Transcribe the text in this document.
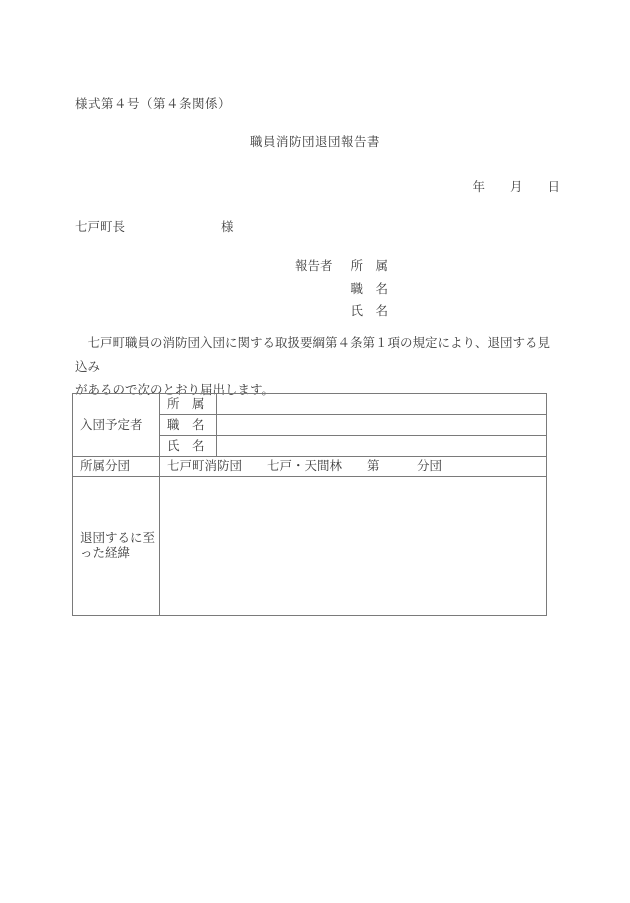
様式第４号（第４条関係）
職員消防団退団報告書
年　　月　　日
七戸町長	様
報告者 所　属
職　名
氏　名
　七戸町職員の消防団入団に関する取扱要綱第４条第１項の規定により、退団する見込み
があるので次のとおり届出します。
入団予定者	所　属	
	職　名	
	氏　名	
所属分団	七戸町消防団　　七戸・天間林　　第　　　分団	
退団するに至った経緯		
